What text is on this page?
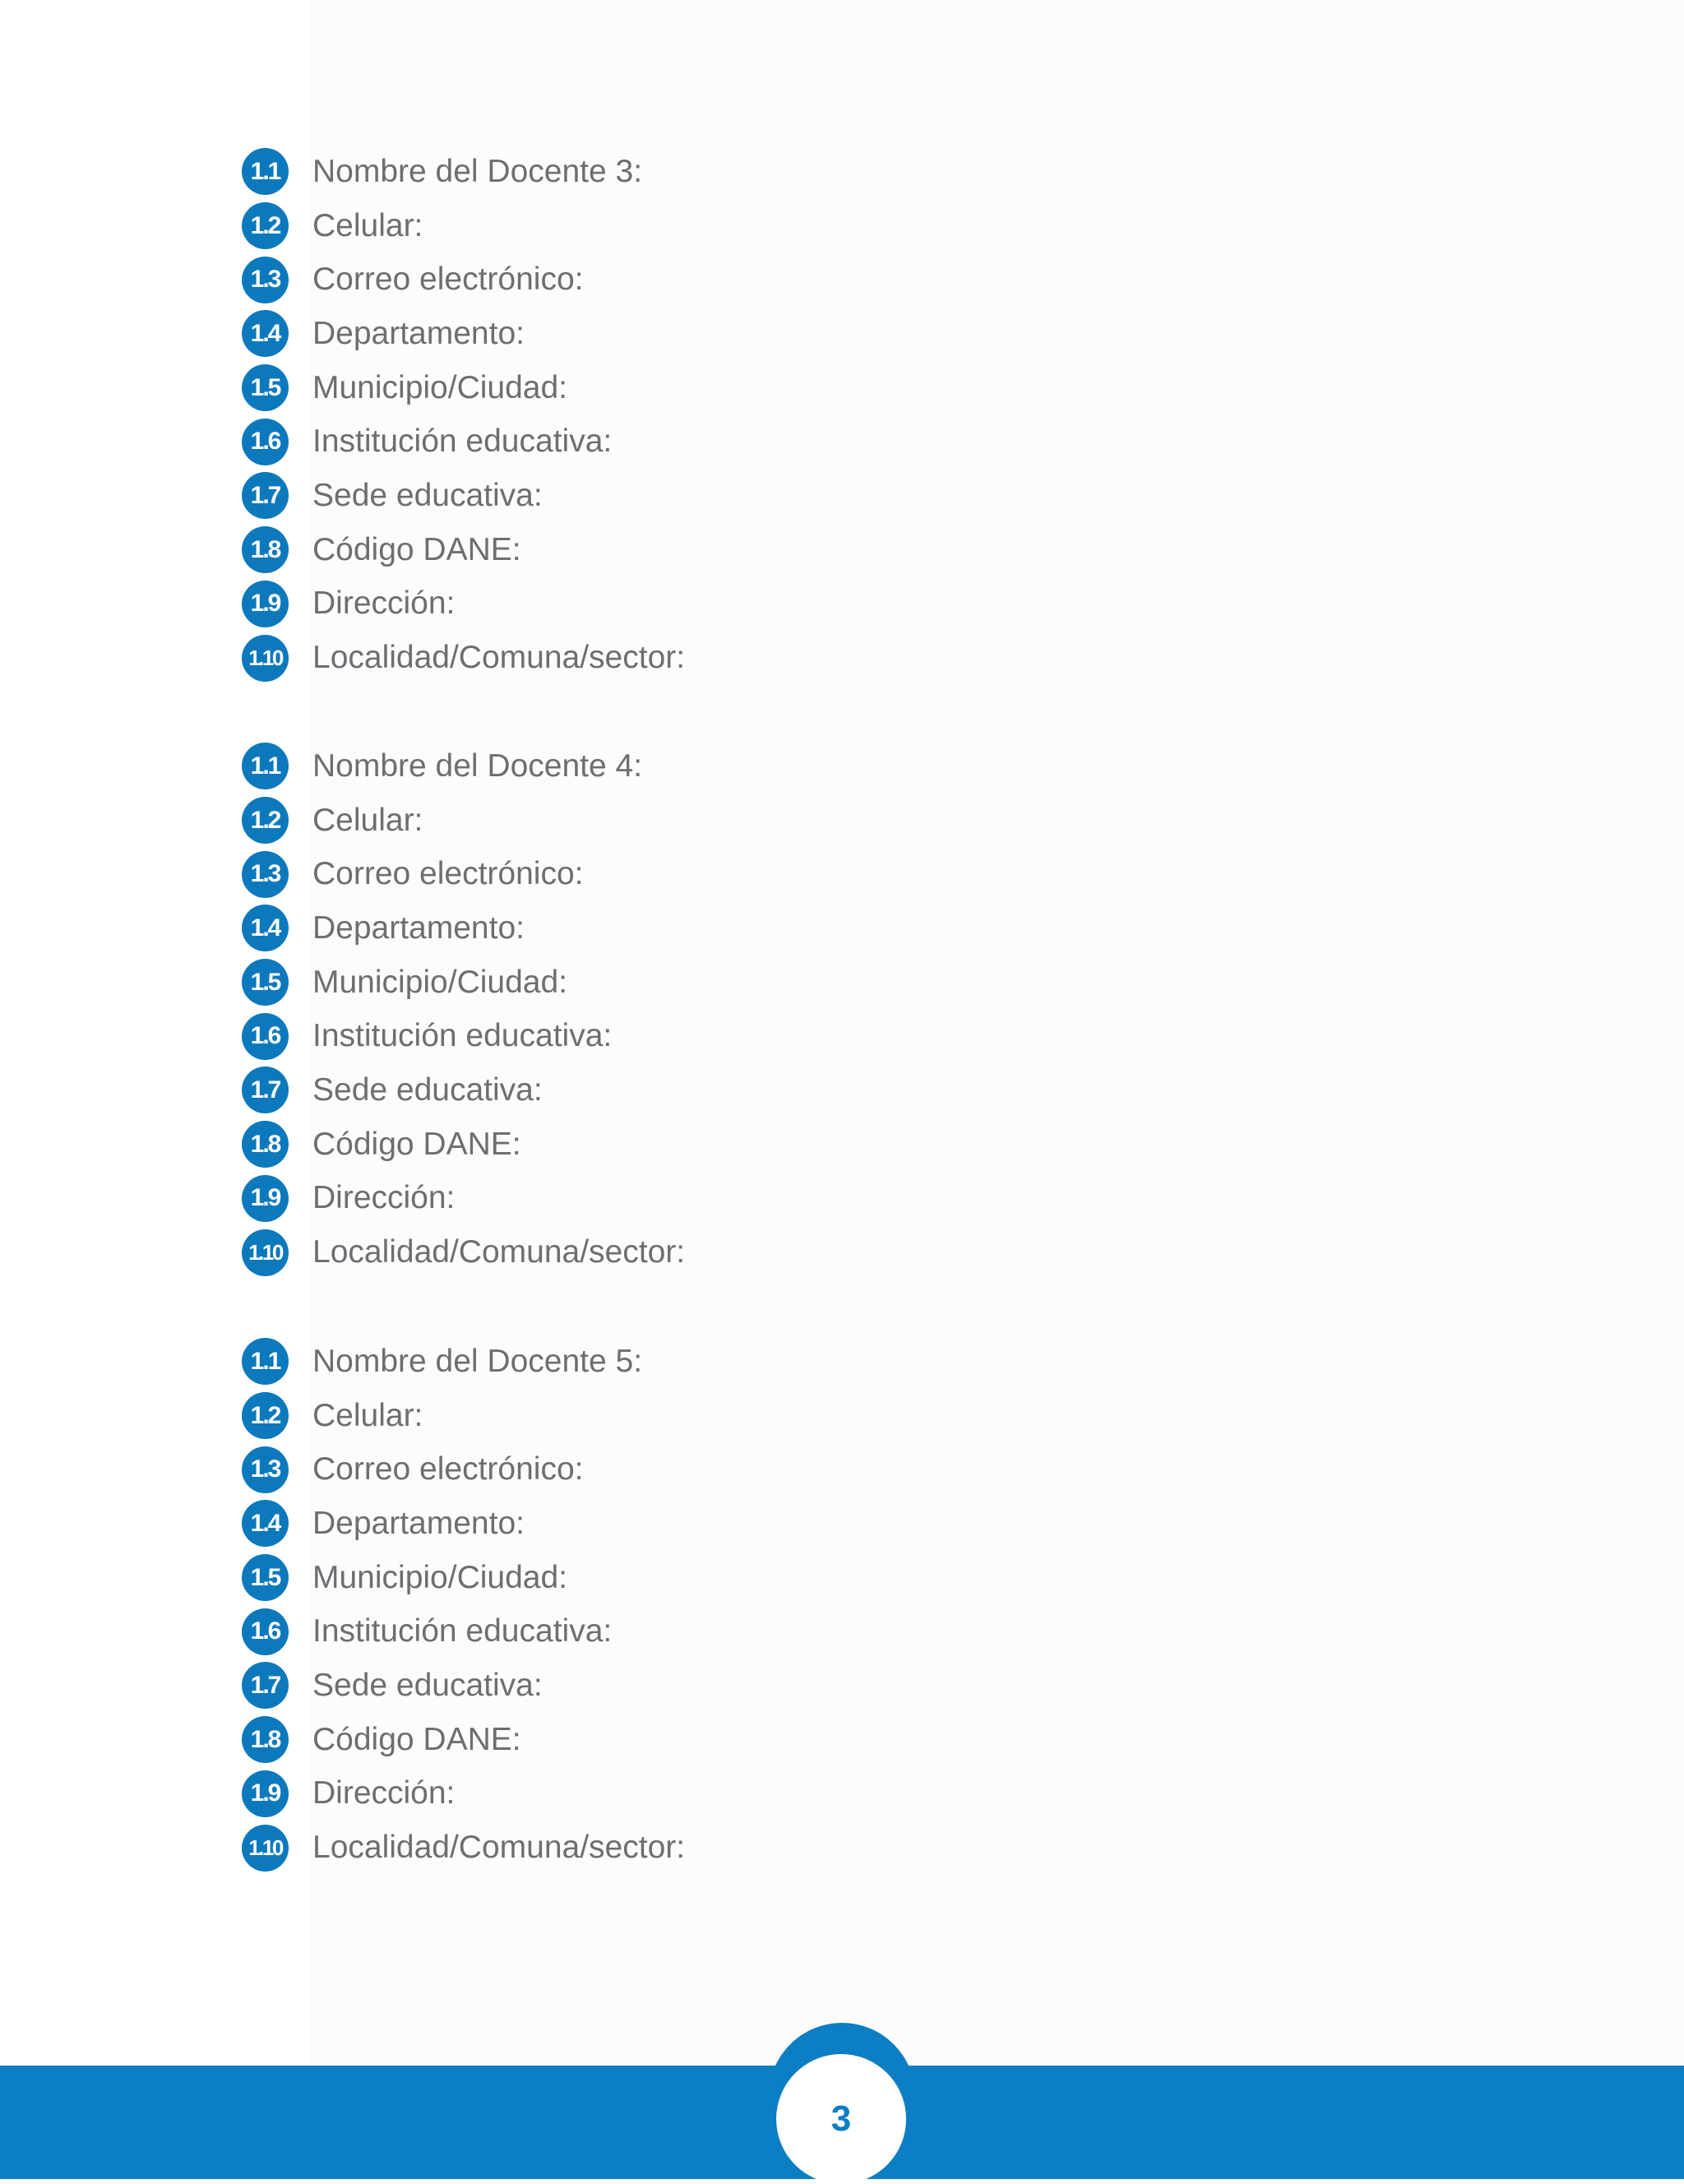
1.1 Nombre del Docente 3:
1.2 Celular:
1.3 Correo electrónico:
1.4 Departamento:
1.5 Municipio/Ciudad:
1.6 Institución educativa:
1.7 Sede educativa:
1.8 Código DANE:
1.9 Dirección:
1.10 Localidad/Comuna/sector:
1.1 Nombre del Docente 4:
1.2 Celular:
1.3 Correo electrónico:
1.4 Departamento:
1.5 Municipio/Ciudad:
1.6 Institución educativa:
1.7 Sede educativa:
1.8 Código DANE:
1.9 Dirección:
1.10 Localidad/Comuna/sector:
1.1 Nombre del Docente 5:
1.2 Celular:
1.3 Correo electrónico:
1.4 Departamento:
1.5 Municipio/Ciudad:
1.6 Institución educativa:
1.7 Sede educativa:
1.8 Código DANE:
1.9 Dirección:
1.10 Localidad/Comuna/sector:
3
